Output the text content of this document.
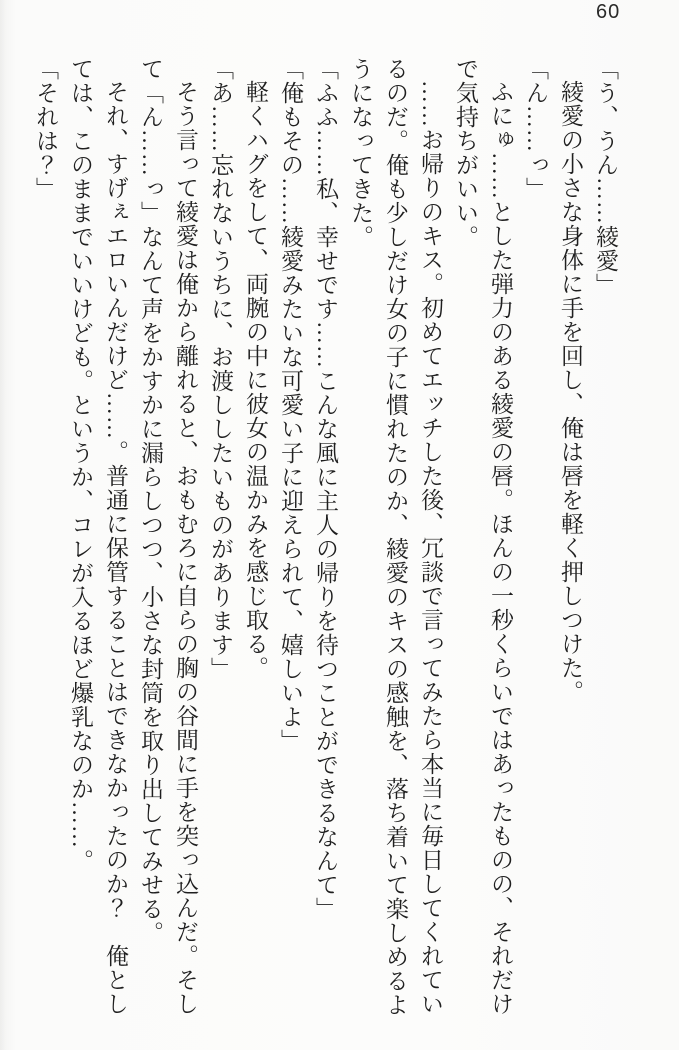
60

「う、うん……綾愛」

綾愛の小さな身体に手を回し、俺は唇を軽く押しつけた。

「ん……っ」

ふにゅ……とした弾力のある綾愛の唇。ほんの一秒くらいではあったものの、それだけで気持ちがいい。

……お帰りのキス。初めてエッチした後、冗談で言ってみたら本当に毎日してくれているのだ。俺も少しだけ女の子に慣れたのか、綾愛のキスの感触を、落ち着いて楽しめるようになってきた。

「ふふ……私、幸せです……こんな風に主人の帰りを待つことができるなんて」

「俺もその……綾愛みたいな可愛い子に迎えられて、嬉しいよ」

軽くハグをして、両腕の中に彼女の温かみを感じ取る。

「あ……忘れないうちに、お渡ししたいものがあります」

そう言って綾愛は俺から離れると、おもむろに自らの胸の谷間に手を突っ込んだ。そして「ん……っ」なんて声をかすかに漏らしつつ、小さな封筒を取り出してみせる。

それ、すげぇエロいんだけど……。普通に保管することはできなかったのか？　俺としては、このままでいいけども。というか、コレが入るほど爆乳なのか……。

「それは？」
